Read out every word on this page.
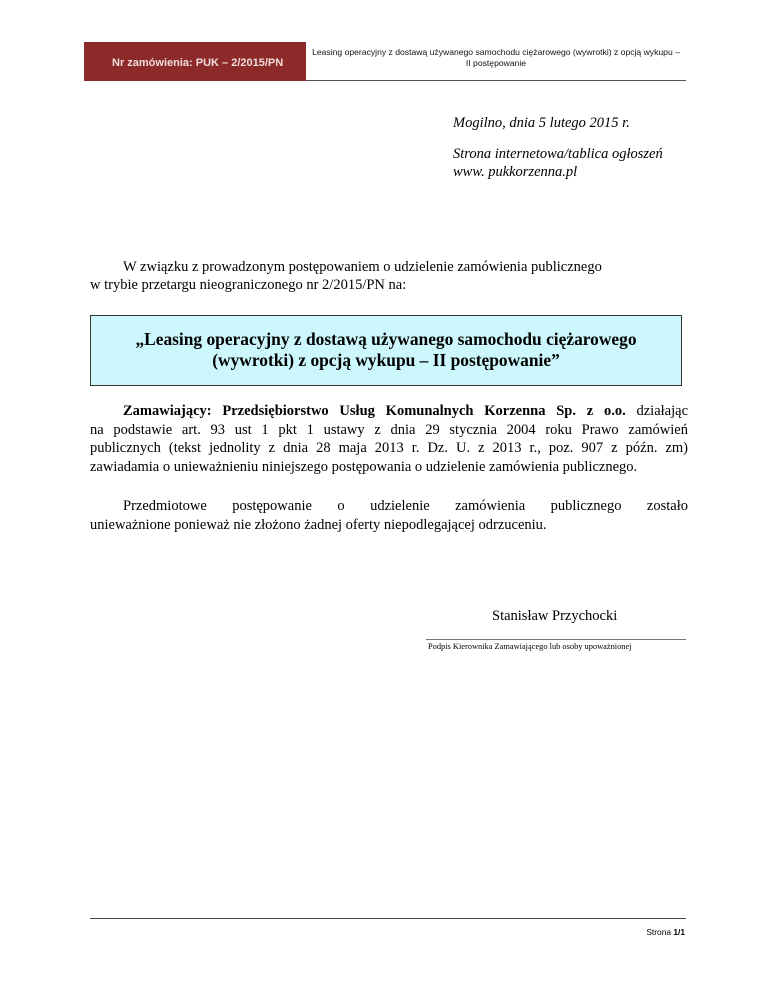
Nr zamówienia: PUK – 2/2015/PN
Leasing operacyjny z dostawą używanego samochodu ciężarowego (wywrotki) z opcją wykupu –
II postępowanie
Mogilno, dnia 5 lutego 2015 r.
Strona internetowa/tablica ogłoszeń
www. pukkorzenna.pl
W związku z prowadzonym postępowaniem o udzielenie zamówienia publicznego
w trybie przetargu nieograniczonego nr 2/2015/PN na:
„Leasing operacyjny z dostawą używanego samochodu ciężarowego
(wywrotki) z opcją wykupu – II postępowanie”
Zamawiający: Przedsiębiorstwo Usług Komunalnych Korzenna Sp. z o.o. działając
na podstawie art. 93 ust 1 pkt 1 ustawy z dnia 29 stycznia 2004 roku Prawo zamówień
publicznych (tekst jednolity z dnia 28 maja 2013 r. Dz. U. z 2013 r., poz. 907 z późn. zm)
zawiadamia o unieważnieniu niniejszego postępowania o udzielenie zamówienia publicznego.
Przedmiotowe postępowanie o udzielenie zamówienia publicznego zostało
unieważnione ponieważ nie złożono żadnej oferty niepodlegającej odrzuceniu.
Stanisław Przychocki
Podpis Kierownika Zamawiającego lub osoby upoważnionej
Strona 1/1
